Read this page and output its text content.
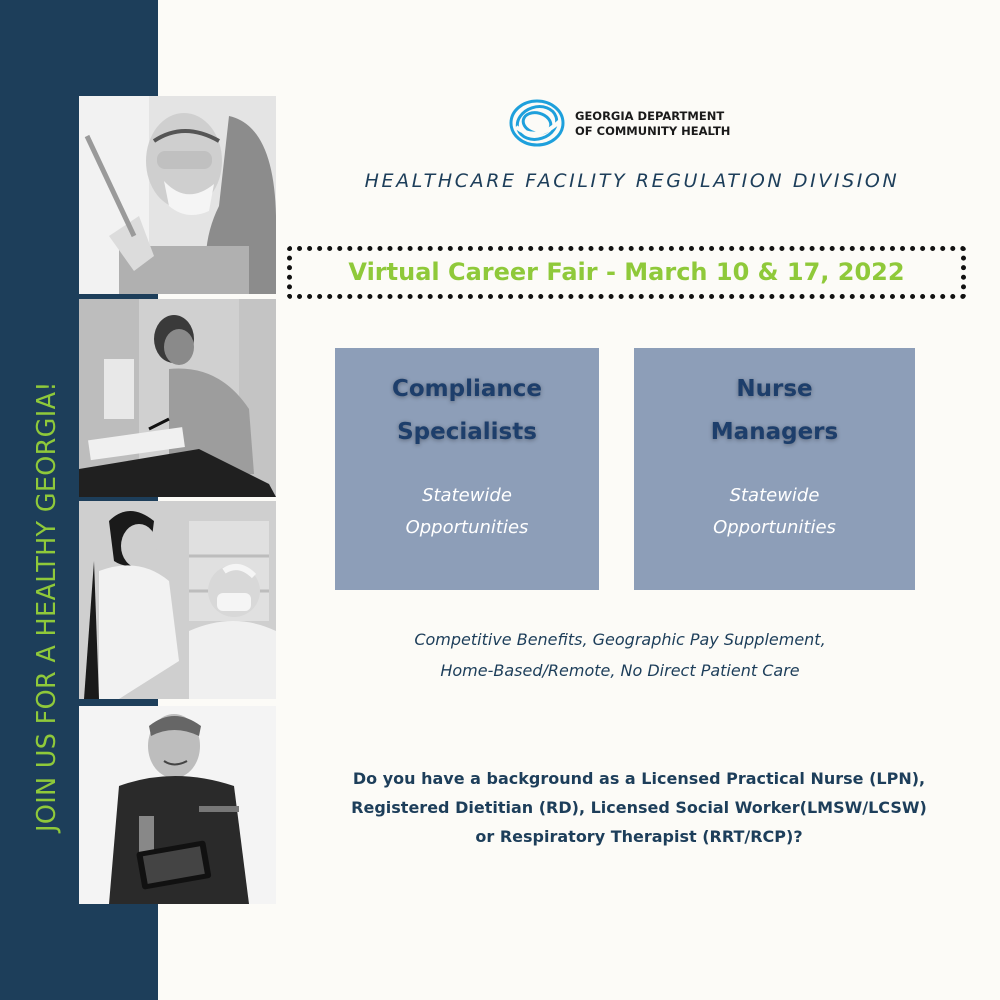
JOIN US FOR A HEALTHY GEORGIA!
GEORGIA DEPARTMENT
OF COMMUNITY HEALTH
HEALTHCARE FACILITY REGULATION DIVISION
Virtual Career Fair - March 10 & 17, 2022
Compliance
Specialists
Statewide
Opportunities
Nurse
Managers
Statewide
Opportunities
Competitive Benefits, Geographic Pay Supplement,
Home-Based/Remote, No Direct Patient Care
Do you have a background as a Licensed Practical Nurse (LPN),
Registered Dietitian (RD), Licensed Social Worker(LMSW/LCSW)
or Respiratory Therapist (RRT/RCP)?
